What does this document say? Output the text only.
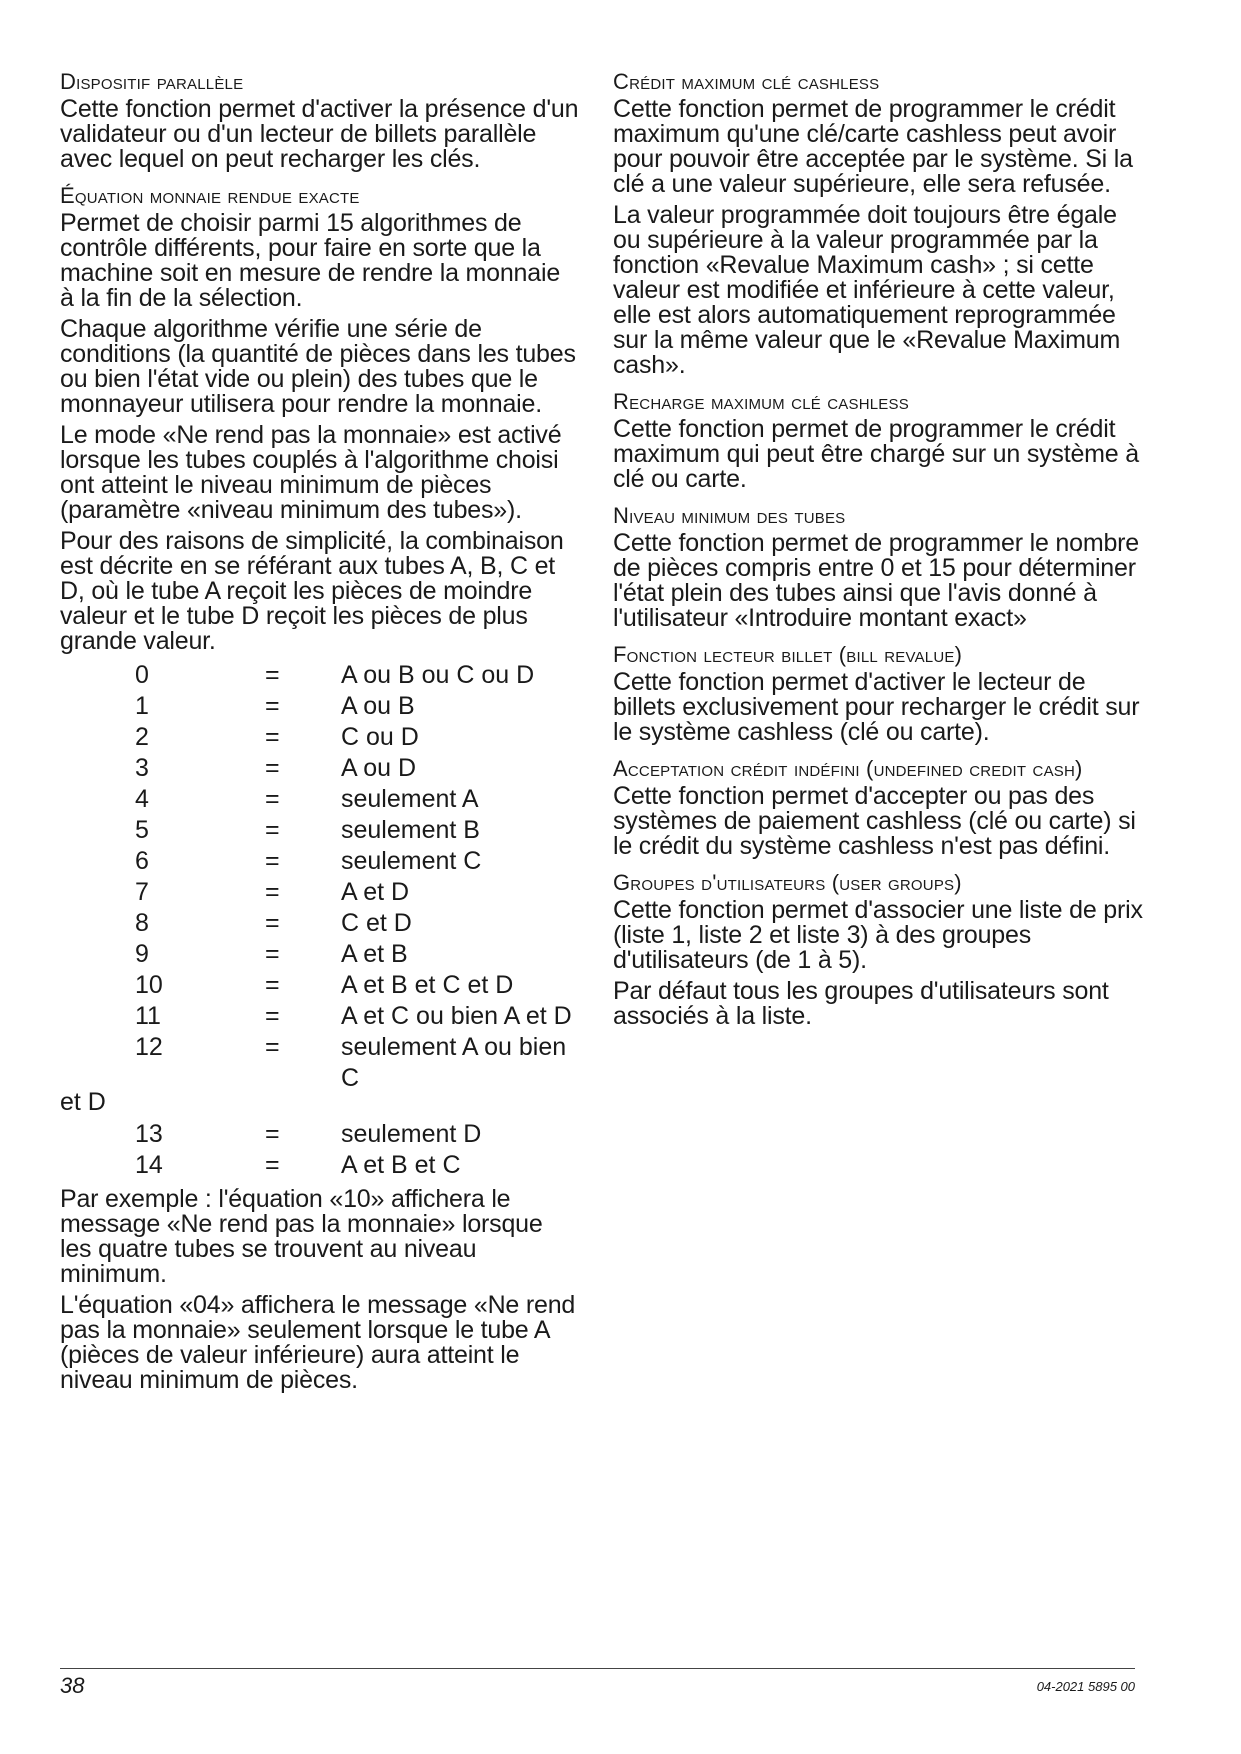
Dispositif parallèle

Cette fonction permet d'activer la présence d'un validateur ou d'un lecteur de billets parallèle avec lequel on peut recharger les clés.

Équation monnaie rendue exacte

Permet de choisir parmi 15 algorithmes de contrôle différents, pour faire en sorte que la machine soit en mesure de rendre la monnaie à la fin de la sélection.

Chaque algorithme vérifie une série de conditions (la quantité de pièces dans les tubes ou bien l'état vide ou plein) des tubes que le monnayeur utilisera pour rendre la monnaie.

Le mode «Ne rend pas la monnaie» est activé lorsque les tubes couplés à l'algorithme choisi ont atteint le niveau minimum de pièces (paramètre «niveau minimum des tubes»).

Pour des raisons de simplicité, la combinaison est décrite en se référant aux tubes A, B, C et D, où le tube A reçoit les pièces de moindre valeur et le tube D reçoit les pièces de plus grande valeur.

0	=	A ou B ou C ou D
1	=	A ou B
2	=	C ou D
3	=	A ou D
4	=	seulement A
5	=	seulement B
6	=	seulement C
7	=	A et D
8	=	C et D
9	=	A et B
10	=	A et B et C et D
11	=	A et C ou bien A et D
12	=	seulement A ou bien C
et D
13	=	seulement D
14	=	A et B et C

Par exemple : l'équation «10» affichera le message «Ne rend pas la monnaie» lorsque les quatre tubes se trouvent au niveau minimum.

L'équation «04» affichera le message «Ne rend pas la monnaie» seulement lorsque le tube A (pièces de valeur inférieure) aura atteint le niveau minimum de pièces.

Crédit maximum clé cashless

Cette fonction permet de programmer le crédit maximum qu'une clé/carte cashless peut avoir pour pouvoir être acceptée par le système. Si la clé a une valeur supérieure, elle sera refusée.

La valeur programmée doit toujours être égale ou supérieure à la valeur programmée par la fonction «Revalue Maximum cash» ; si cette valeur est modifiée et inférieure à cette valeur, elle est alors automatiquement reprogrammée sur la même valeur que le «Revalue Maximum cash».

Recharge maximum clé cashless

Cette fonction permet de programmer le crédit maximum qui peut être chargé sur un système à clé ou carte.

Niveau minimum des tubes

Cette fonction permet de programmer le nombre de pièces compris entre 0 et 15 pour déterminer l'état plein des tubes ainsi que l'avis donné à l'utilisateur «Introduire montant exact»

Fonction lecteur billet (bill revalue)

Cette fonction permet d'activer le lecteur de billets exclusivement pour recharger le crédit sur le système cashless (clé ou carte).

Acceptation crédit indéfini (undefined credit cash)

Cette fonction permet d'accepter ou pas des systèmes de paiement cashless (clé ou carte) si le crédit du système cashless n'est pas défini.

Groupes d'utilisateurs (user groups)

Cette fonction permet d'associer une liste de prix (liste 1, liste 2 et liste 3) à des groupes d'utilisateurs (de 1 à 5).

Par défaut tous les groupes d'utilisateurs sont associés à la liste.

38	04-2021 5895 00
